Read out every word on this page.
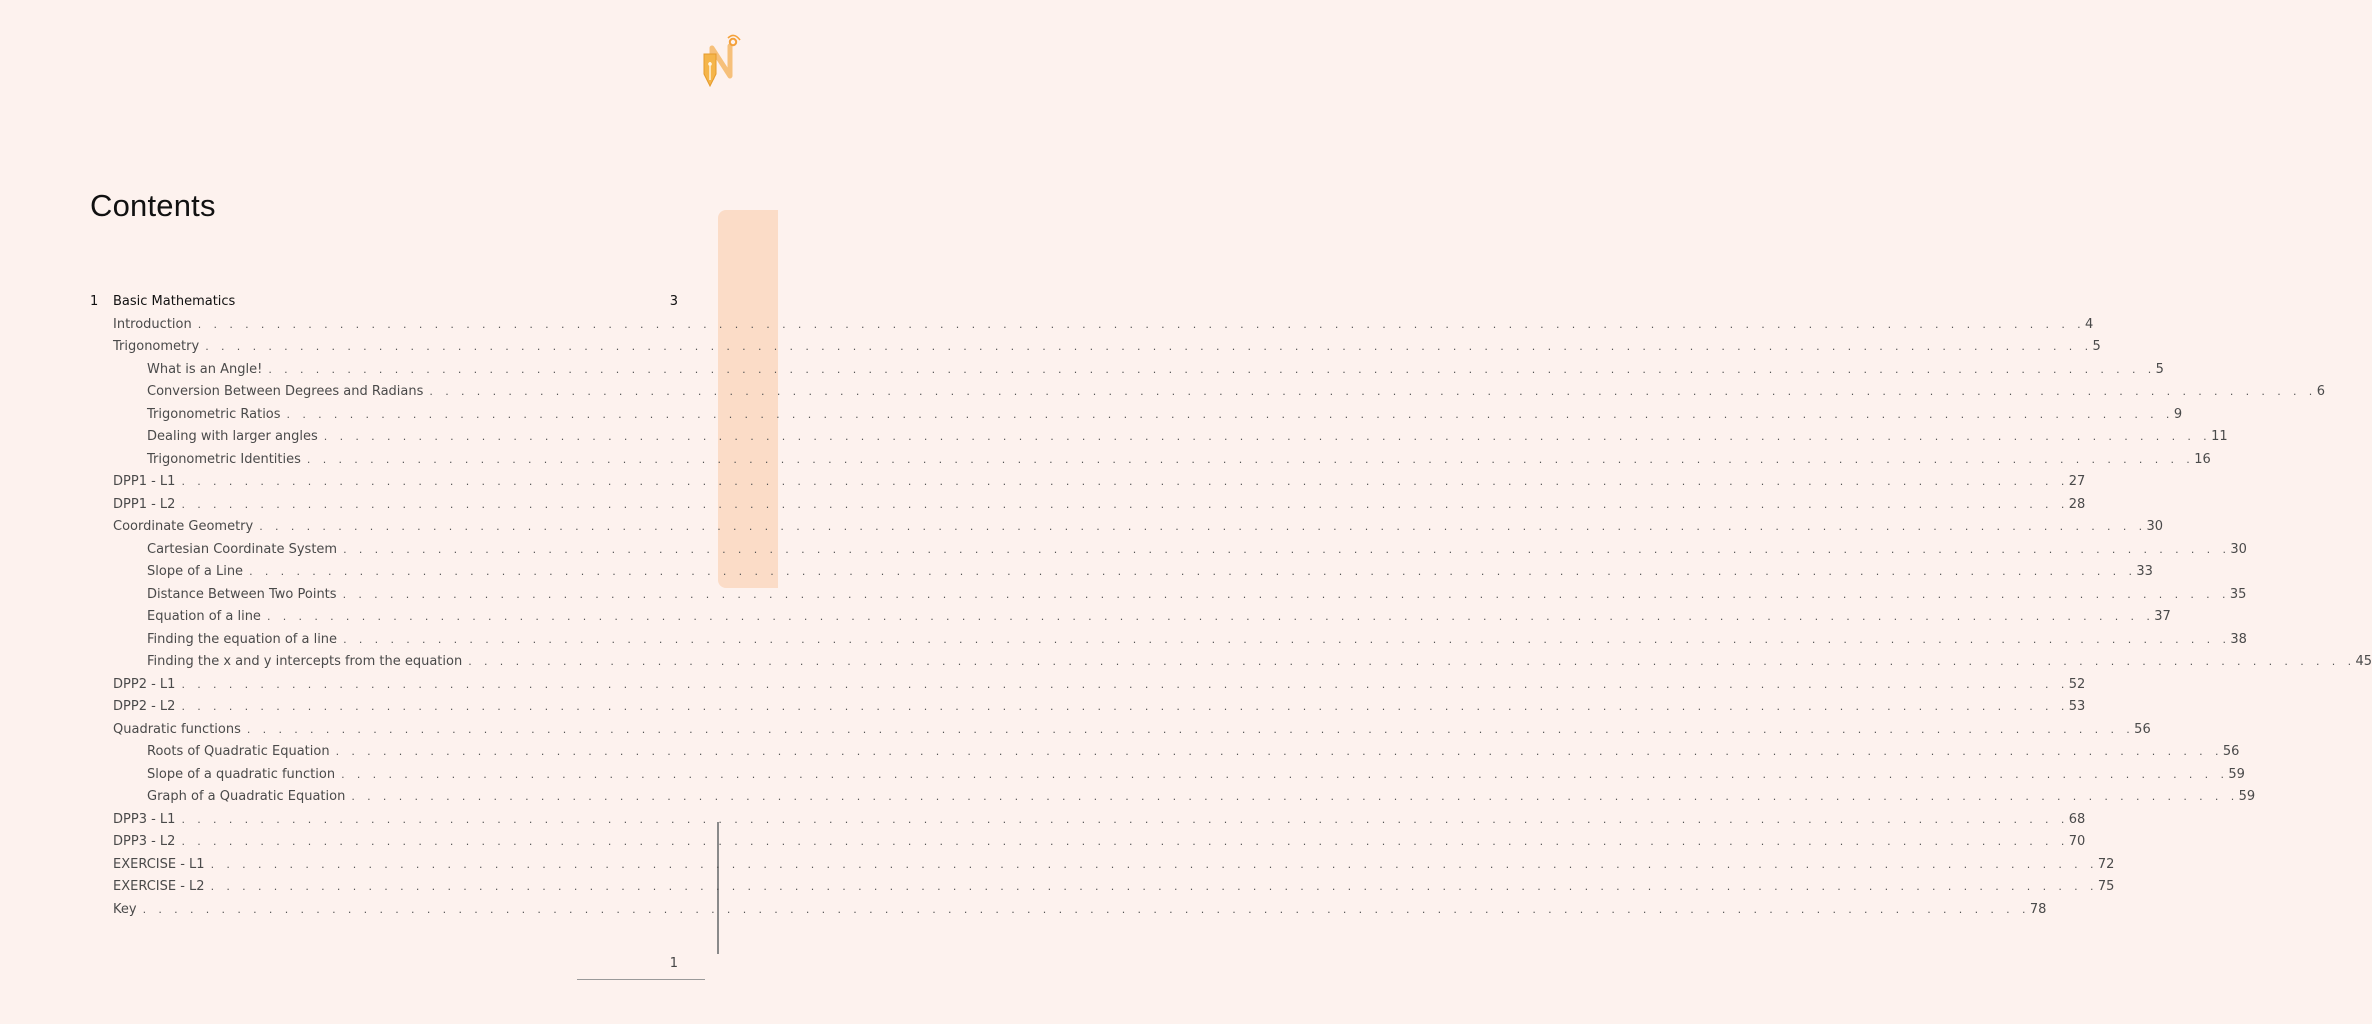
Contents
1 Basic Mathematics	3
Introduction . . . . . . . . . . . . . . . . . . . . . . . . . . . . . . . . . . . . . . . . . . . . . . . . . . . . . . . . . . . . . . . . . . . . . . . . . . . . . . . . . . . . . . . . . . . . . . . . . . . . . . . . . . . . . . . . . . . . . . . . 4
Trigonometry . . . . . . . . . . . . . . . . . . . . . . . . . . . . . . . . . . . . . . . . . . . . . . . . . . . . . . . . . . . . . . . . . . . . . . . . . . . . . . . . . . . . . . . . . . . . . . . . . . . . . . . . . . . . . . . . . . . . . . . . 5
What is an Angle! . . . . . . . . . . . . . . . . . . . . . . . . . . . . . . . . . . . . . . . . . . . . . . . . . . . . . . . . . . . . . . . . . . . . . . . . . . . . . . . . . . . . . . . . . . . . . . . . . . . . . . . . . . . . . . . . . . . . . . . . 5
Conversion Between Degrees and Radians . . . . . . . . . . . . . . . . . . . . . . . . . . . . . . . . . . . . . . . . . . . . . . . . . . . . . . . . . . . . . . . . . . . . . . . . . . . . . . . . . . . . . . . . . . . . . . . . . . . . . . . . . . . . . . . . . . . . . . . . 6
Trigonometric Ratios . . . . . . . . . . . . . . . . . . . . . . . . . . . . . . . . . . . . . . . . . . . . . . . . . . . . . . . . . . . . . . . . . . . . . . . . . . . . . . . . . . . . . . . . . . . . . . . . . . . . . . . . . . . . . . . . . . . . . . . . 9
Dealing with larger angles . . . . . . . . . . . . . . . . . . . . . . . . . . . . . . . . . . . . . . . . . . . . . . . . . . . . . . . . . . . . . . . . . . . . . . . . . . . . . . . . . . . . . . . . . . . . . . . . . . . . . . . . . . . . . . . . . . . . . . . . 11
Trigonometric Identities . . . . . . . . . . . . . . . . . . . . . . . . . . . . . . . . . . . . . . . . . . . . . . . . . . . . . . . . . . . . . . . . . . . . . . . . . . . . . . . . . . . . . . . . . . . . . . . . . . . . . . . . . . . . . . . . . . . . . . . . 16
DPP1 - L1 . . . . . . . . . . . . . . . . . . . . . . . . . . . . . . . . . . . . . . . . . . . . . . . . . . . . . . . . . . . . . . . . . . . . . . . . . . . . . . . . . . . . . . . . . . . . . . . . . . . . . . . . . . . . . . . . . . . . . . . . 27
DPP1 - L2 . . . . . . . . . . . . . . . . . . . . . . . . . . . . . . . . . . . . . . . . . . . . . . . . . . . . . . . . . . . . . . . . . . . . . . . . . . . . . . . . . . . . . . . . . . . . . . . . . . . . . . . . . . . . . . . . . . . . . . . . 28
Coordinate Geometry . . . . . . . . . . . . . . . . . . . . . . . . . . . . . . . . . . . . . . . . . . . . . . . . . . . . . . . . . . . . . . . . . . . . . . . . . . . . . . . . . . . . . . . . . . . . . . . . . . . . . . . . . . . . . . . . . . . . . . . . 30
Cartesian Coordinate System . . . . . . . . . . . . . . . . . . . . . . . . . . . . . . . . . . . . . . . . . . . . . . . . . . . . . . . . . . . . . . . . . . . . . . . . . . . . . . . . . . . . . . . . . . . . . . . . . . . . . . . . . . . . . . . . . . . . . . . . 30
Slope of a Line . . . . . . . . . . . . . . . . . . . . . . . . . . . . . . . . . . . . . . . . . . . . . . . . . . . . . . . . . . . . . . . . . . . . . . . . . . . . . . . . . . . . . . . . . . . . . . . . . . . . . . . . . . . . . . . . . . . . . . . . 33
Distance Between Two Points . . . . . . . . . . . . . . . . . . . . . . . . . . . . . . . . . . . . . . . . . . . . . . . . . . . . . . . . . . . . . . . . . . . . . . . . . . . . . . . . . . . . . . . . . . . . . . . . . . . . . . . . . . . . . . . . . . . . . . . . 35
Equation of a line . . . . . . . . . . . . . . . . . . . . . . . . . . . . . . . . . . . . . . . . . . . . . . . . . . . . . . . . . . . . . . . . . . . . . . . . . . . . . . . . . . . . . . . . . . . . . . . . . . . . . . . . . . . . . . . . . . . . . . . . 37
Finding the equation of a line . . . . . . . . . . . . . . . . . . . . . . . . . . . . . . . . . . . . . . . . . . . . . . . . . . . . . . . . . . . . . . . . . . . . . . . . . . . . . . . . . . . . . . . . . . . . . . . . . . . . . . . . . . . . . . . . . . . . . . . . 38
Finding the x and y intercepts from the equation . . . . . . . . . . . . . . . . . . . . . . . . . . . . . . . . . . . . . . . . . . . . . . . . . . . . . . . . . . . . . . . . . . . . . . . . . . . . . . . . . . . . . . . . . . . . . . . . . . . . . . . . . . . . . . . . . . . . . . . . 45
DPP2 - L1 . . . . . . . . . . . . . . . . . . . . . . . . . . . . . . . . . . . . . . . . . . . . . . . . . . . . . . . . . . . . . . . . . . . . . . . . . . . . . . . . . . . . . . . . . . . . . . . . . . . . . . . . . . . . . . . . . . . . . . . . 52
DPP2 - L2 . . . . . . . . . . . . . . . . . . . . . . . . . . . . . . . . . . . . . . . . . . . . . . . . . . . . . . . . . . . . . . . . . . . . . . . . . . . . . . . . . . . . . . . . . . . . . . . . . . . . . . . . . . . . . . . . . . . . . . . . 53
Quadratic functions . . . . . . . . . . . . . . . . . . . . . . . . . . . . . . . . . . . . . . . . . . . . . . . . . . . . . . . . . . . . . . . . . . . . . . . . . . . . . . . . . . . . . . . . . . . . . . . . . . . . . . . . . . . . . . . . . . . . . . . . 56
Roots of Quadratic Equation . . . . . . . . . . . . . . . . . . . . . . . . . . . . . . . . . . . . . . . . . . . . . . . . . . . . . . . . . . . . . . . . . . . . . . . . . . . . . . . . . . . . . . . . . . . . . . . . . . . . . . . . . . . . . . . . . . . . . . . . 56
Slope of a quadratic function . . . . . . . . . . . . . . . . . . . . . . . . . . . . . . . . . . . . . . . . . . . . . . . . . . . . . . . . . . . . . . . . . . . . . . . . . . . . . . . . . . . . . . . . . . . . . . . . . . . . . . . . . . . . . . . . . . . . . . . . 59
Graph of a Quadratic Equation . . . . . . . . . . . . . . . . . . . . . . . . . . . . . . . . . . . . . . . . . . . . . . . . . . . . . . . . . . . . . . . . . . . . . . . . . . . . . . . . . . . . . . . . . . . . . . . . . . . . . . . . . . . . . . . . . . . . . . . . 59
DPP3 - L1 . . . . . . . . . . . . . . . . . . . . . . . . . . . . . . . . . . . . . . . . . . . . . . . . . . . . . . . . . . . . . . . . . . . . . . . . . . . . . . . . . . . . . . . . . . . . . . . . . . . . . . . . . . . . . . . . . . . . . . . . 68
DPP3 - L2 . . . . . . . . . . . . . . . . . . . . . . . . . . . . . . . . . . . . . . . . . . . . . . . . . . . . . . . . . . . . . . . . . . . . . . . . . . . . . . . . . . . . . . . . . . . . . . . . . . . . . . . . . . . . . . . . . . . . . . . . 70
EXERCISE - L1 . . . . . . . . . . . . . . . . . . . . . . . . . . . . . . . . . . . . . . . . . . . . . . . . . . . . . . . . . . . . . . . . . . . . . . . . . . . . . . . . . . . . . . . . . . . . . . . . . . . . . . . . . . . . . . . . . . . . . . . . 72
EXERCISE - L2 . . . . . . . . . . . . . . . . . . . . . . . . . . . . . . . . . . . . . . . . . . . . . . . . . . . . . . . . . . . . . . . . . . . . . . . . . . . . . . . . . . . . . . . . . . . . . . . . . . . . . . . . . . . . . . . . . . . . . . . . 75
Key . . . . . . . . . . . . . . . . . . . . . . . . . . . . . . . . . . . . . . . . . . . . . . . . . . . . . . . . . . . . . . . . . . . . . . . . . . . . . . . . . . . . . . . . . . . . . . . . . . . . . . . . . . . . . . . . . . . . . . . . 78
1
